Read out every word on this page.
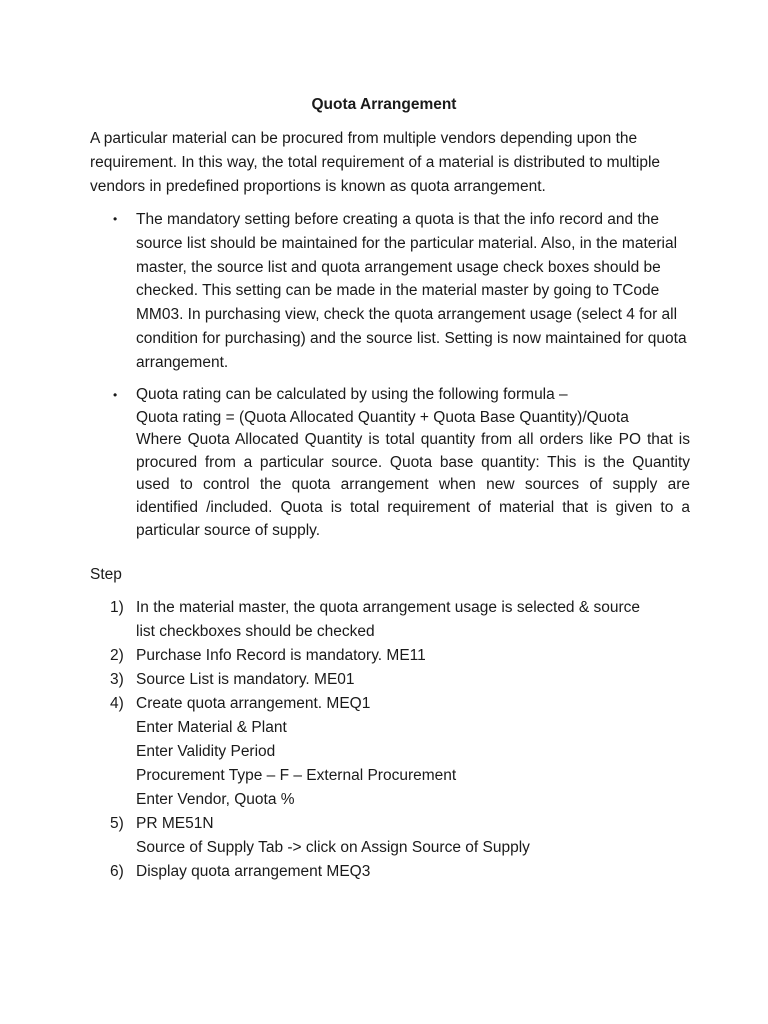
Quota Arrangement

A particular material can be procured from multiple vendors depending upon the requirement. In this way, the total requirement of a material is distributed to multiple vendors in predefined proportions is known as quota arrangement.

• The mandatory setting before creating a quota is that the info record and the source list should be maintained for the particular material. Also, in the material master, the source list and quota arrangement usage check boxes should be checked. This setting can be made in the material master by going to TCode MM03. In purchasing view, check the quota arrangement usage (select 4 for all condition for purchasing) and the source list. Setting is now maintained for quota arrangement.
• Quota rating can be calculated by using the following formula –
Quota rating = (Quota Allocated Quantity + Quota Base Quantity)/Quota
Where Quota Allocated Quantity is total quantity from all orders like PO that is procured from a particular source. Quota base quantity: This is the Quantity used to control the quota arrangement when new sources of supply are identified /included. Quota is total requirement of material that is given to a particular source of supply.

Step

1) In the material master, the quota arrangement usage is selected & source
list checkboxes should be checked
2) Purchase Info Record is mandatory. ME11
3) Source List is mandatory. ME01
4) Create quota arrangement. MEQ1
Enter Material & Plant
Enter Validity Period
Procurement Type – F – External Procurement
Enter Vendor, Quota %
5) PR ME51N
Source of Supply Tab -> click on Assign Source of Supply
6) Display quota arrangement MEQ3
